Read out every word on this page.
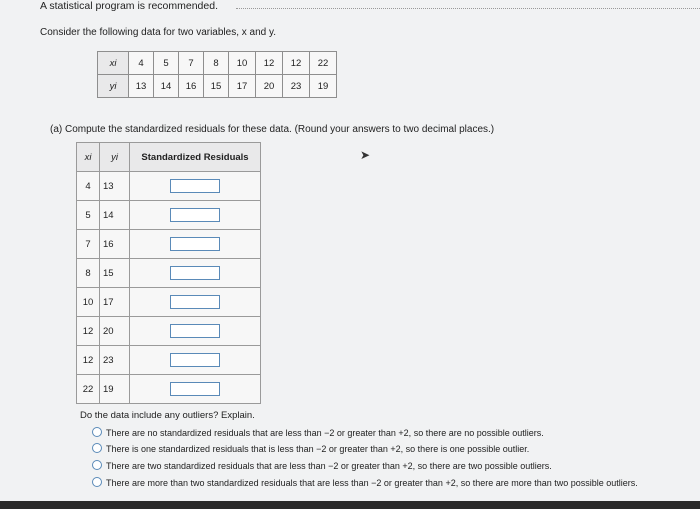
A statistical program is recommended.
Consider the following data for two variables, x and y.
xi	4	5	7	8	10	12	12	22
yi	13	14	16	15	17	20	23	19
(a) Compute the standardized residuals for these data. (Round your answers to two decimal places.)
xi	yi	Standardized Residuals
4	13	
5	14	
7	16	
8	15	
10	17	
12	20	
12	23	
22	19	
➤
Do the data include any outliers? Explain.
There are no standardized residuals that are less than −2 or greater than +2, so there are no possible outliers.
There is one standardized residuals that is less than −2 or greater than +2, so there is one possible outlier.
There are two standardized residuals that are less than −2 or greater than +2, so there are two possible outliers.
There are more than two standardized residuals that are less than −2 or greater than +2, so there are more than two possible outliers.
